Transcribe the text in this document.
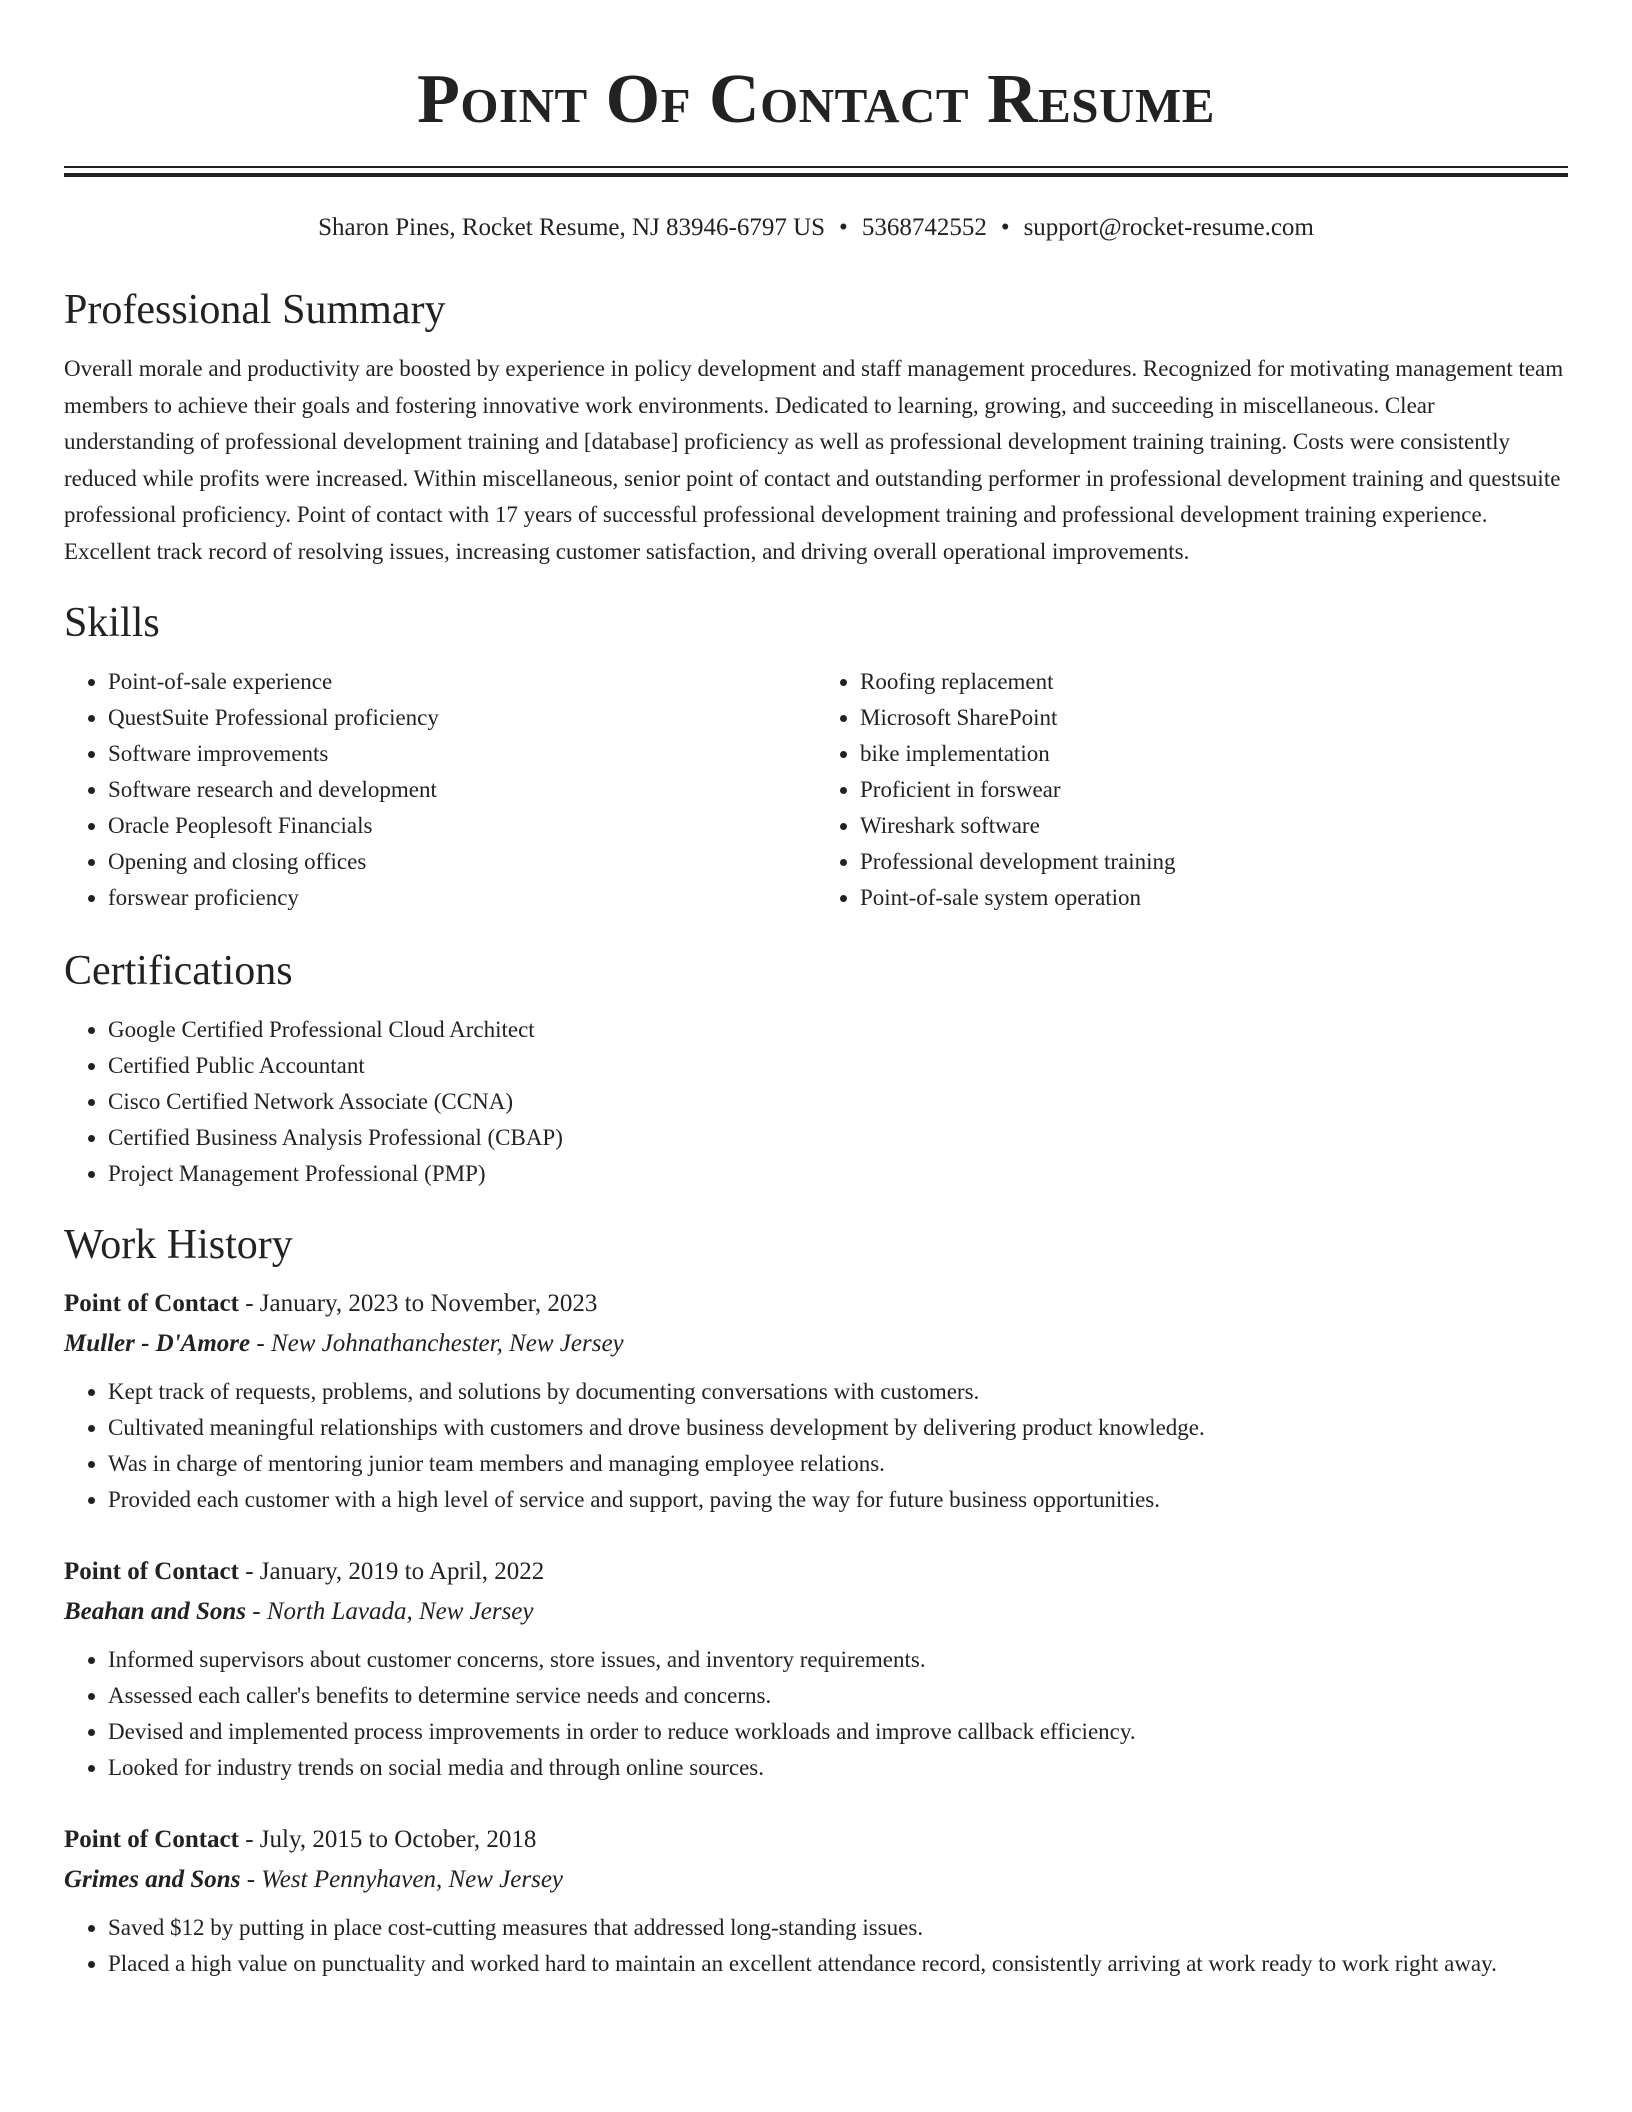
Point Of Contact Resume
Sharon Pines, Rocket Resume, NJ 83946-6797 US • 5368742552 • support@rocket-resume.com
Professional Summary

Overall morale and productivity are boosted by experience in policy development and staff management procedures. Recognized for motivating management team members to achieve their goals and fostering innovative work environments. Dedicated to learning, growing, and succeeding in miscellaneous. Clear understanding of professional development training and [database] proficiency as well as professional development training training. Costs were consistently reduced while profits were increased. Within miscellaneous, senior point of contact and outstanding performer in professional development training and questsuite professional proficiency. Point of contact with 17 years of successful professional development training and professional development training experience. Excellent track record of resolving issues, increasing customer satisfaction, and driving overall operational improvements.

Skills
• Point-of-sale experience
• QuestSuite Professional proficiency
• Software improvements
• Software research and development
• Oracle Peoplesoft Financials
• Opening and closing offices
• forswear proficiency
• Roofing replacement
• Microsoft SharePoint
• bike implementation
• Proficient in forswear
• Wireshark software
• Professional development training
• Point-of-sale system operation
Certifications
• Google Certified Professional Cloud Architect
• Certified Public Accountant
• Cisco Certified Network Associate (CCNA)
• Certified Business Analysis Professional (CBAP)
• Project Management Professional (PMP)
Work History
Point of Contact - January, 2023 to November, 2023
Muller - D'Amore - New Johnathanchester, New Jersey
• Kept track of requests, problems, and solutions by documenting conversations with customers.
• Cultivated meaningful relationships with customers and drove business development by delivering product knowledge.
• Was in charge of mentoring junior team members and managing employee relations.
• Provided each customer with a high level of service and support, paving the way for future business opportunities.
Point of Contact - January, 2019 to April, 2022
Beahan and Sons - North Lavada, New Jersey
• Informed supervisors about customer concerns, store issues, and inventory requirements.
• Assessed each caller's benefits to determine service needs and concerns.
• Devised and implemented process improvements in order to reduce workloads and improve callback efficiency.
• Looked for industry trends on social media and through online sources.
Point of Contact - July, 2015 to October, 2018
Grimes and Sons - West Pennyhaven, New Jersey
• Saved $12 by putting in place cost-cutting measures that addressed long-standing issues.
• Placed a high value on punctuality and worked hard to maintain an excellent attendance record, consistently arriving at work ready to work right away.
